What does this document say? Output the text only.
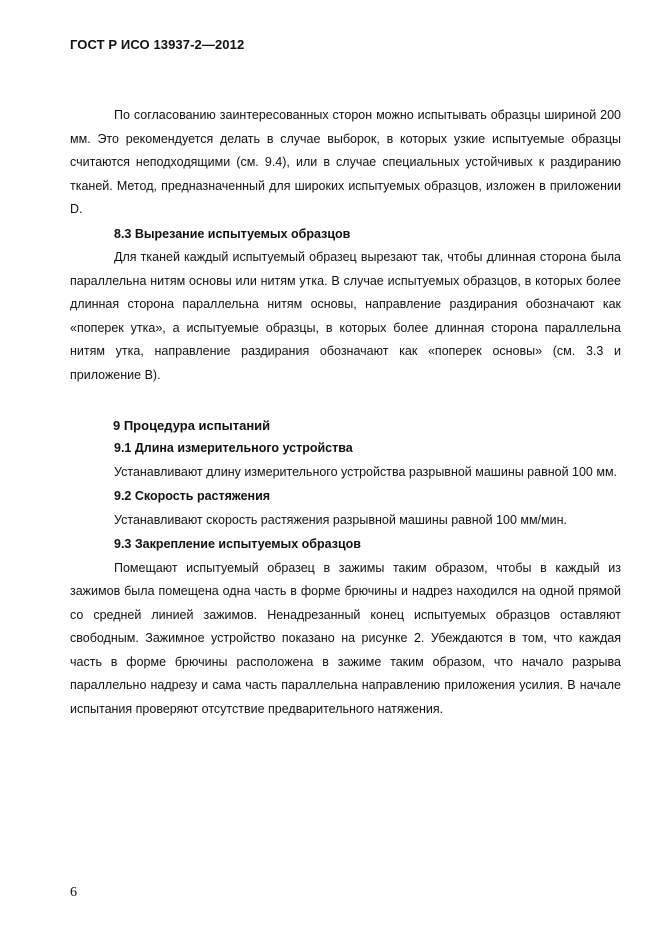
ГОСТ Р ИСО 13937-2—2012

По согласованию заинтересованных сторон можно испытывать образцы шириной 200 мм. Это рекомендуется делать в случае выборок, в которых узкие испытуемые образцы считаются неподходящими (см. 9.4), или в случае специальных устойчивых к раздиранию тканей. Метод, предназначенный для широких испытуемых образцов, изложен в приложении D.

8.3 Вырезание испытуемых образцов

Для тканей каждый испытуемый образец вырезают так, чтобы длинная сторона была параллельна нитям основы или нитям утка. В случае испытуемых образцов, в которых более длинная сторона параллельна нитям основы, направление раздирания обозначают как «поперек утка», а испытуемые образцы, в которых более длинная сторона параллельна нитям утка, направление раздирания обозначают как «поперек основы» (см. 3.3 и приложение В).

9 Процедура испытаний
9.1 Длина измерительного устройства

Устанавливают длину измерительного устройства разрывной машины равной 100 мм.

9.2 Скорость растяжения

Устанавливают скорость растяжения разрывной машины равной 100 мм/мин.

9.3 Закрепление испытуемых образцов

Помещают испытуемый образец в зажимы таким образом, чтобы в каждый из зажимов была помещена одна часть в форме брючины и надрез находился на одной прямой со средней линией зажимов. Ненадрезанный конец испытуемых образцов оставляют свободным. Зажимное устройство показано на рисунке 2. Убеждаются в том, что каждая часть в форме брючины расположена в зажиме таким образом, что начало разрыва параллельно надрезу и сама часть параллельна направлению приложения усилия. В начале испытания проверяют отсутствие предварительного натяжения.

6
